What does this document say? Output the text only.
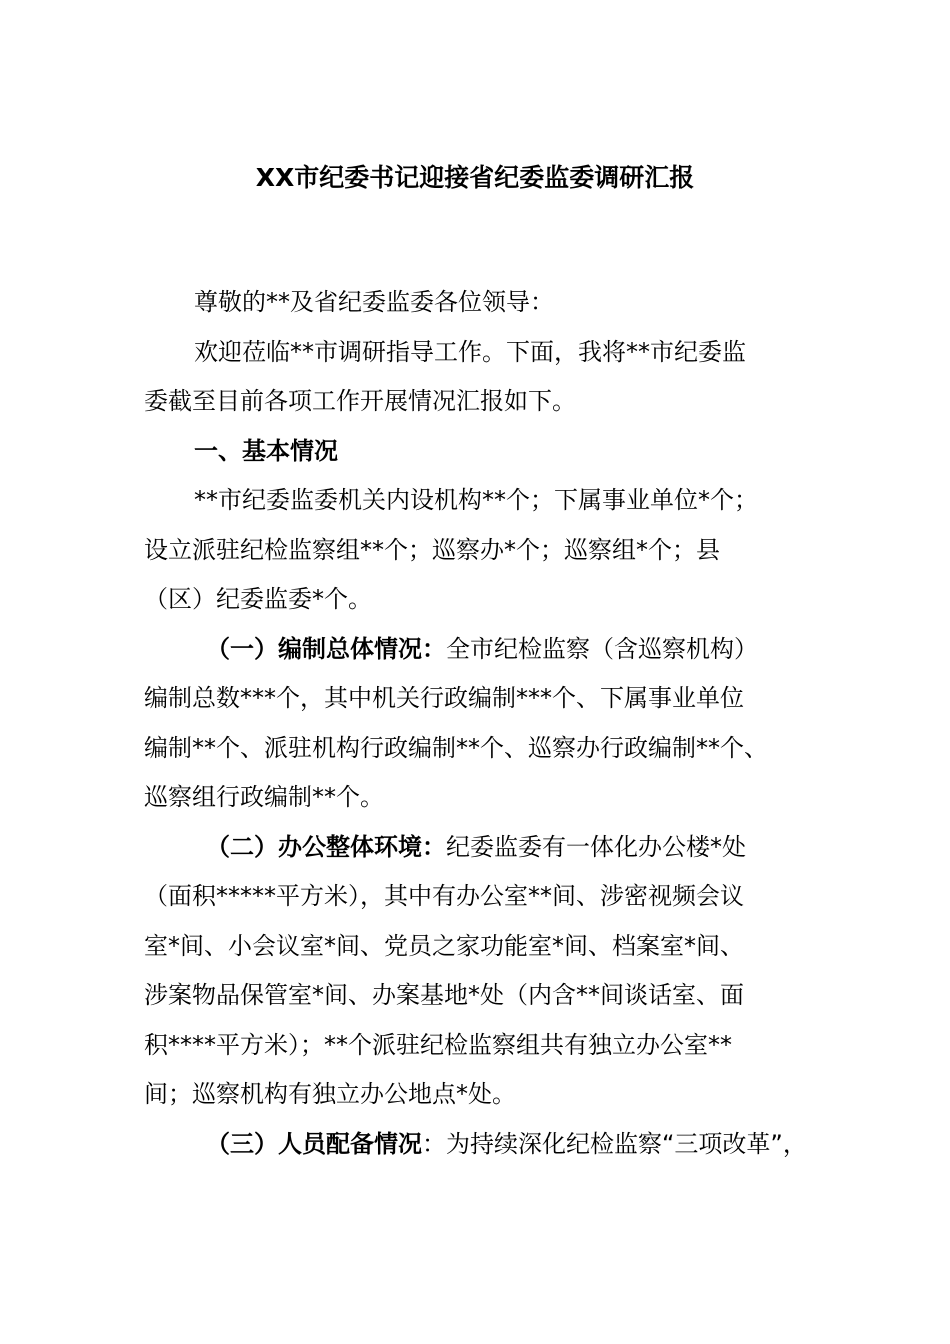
XX市纪委书记迎接省纪委监委调研汇报
尊敬的**及省纪委监委各位领导：
欢迎莅临**市调研指导工作。下面，我将**市纪委监
委截至目前各项工作开展情况汇报如下。
一、基本情况
**市纪委监委机关内设机构**个；下属事业单位*个；
设立派驻纪检监察组**个；巡察办*个；巡察组*个；县
（区）纪委监委*个。
（一）编制总体情况：全市纪检监察（含巡察机构）
编制总数***个，其中机关行政编制***个、下属事业单位
编制**个、派驻机构行政编制**个、巡察办行政编制**个、
巡察组行政编制**个。
（二）办公整体环境：纪委监委有一体化办公楼*处
（面积*****平方米），其中有办公室**间、涉密视频会议
室*间、小会议室*间、党员之家功能室*间、档案室*间、
涉案物品保管室*间、办案基地*处（内含**间谈话室、面
积****平方米）；**个派驻纪检监察组共有独立办公室**
间；巡察机构有独立办公地点*处。
（三）人员配备情况：为持续深化纪检监察“三项改革”，
